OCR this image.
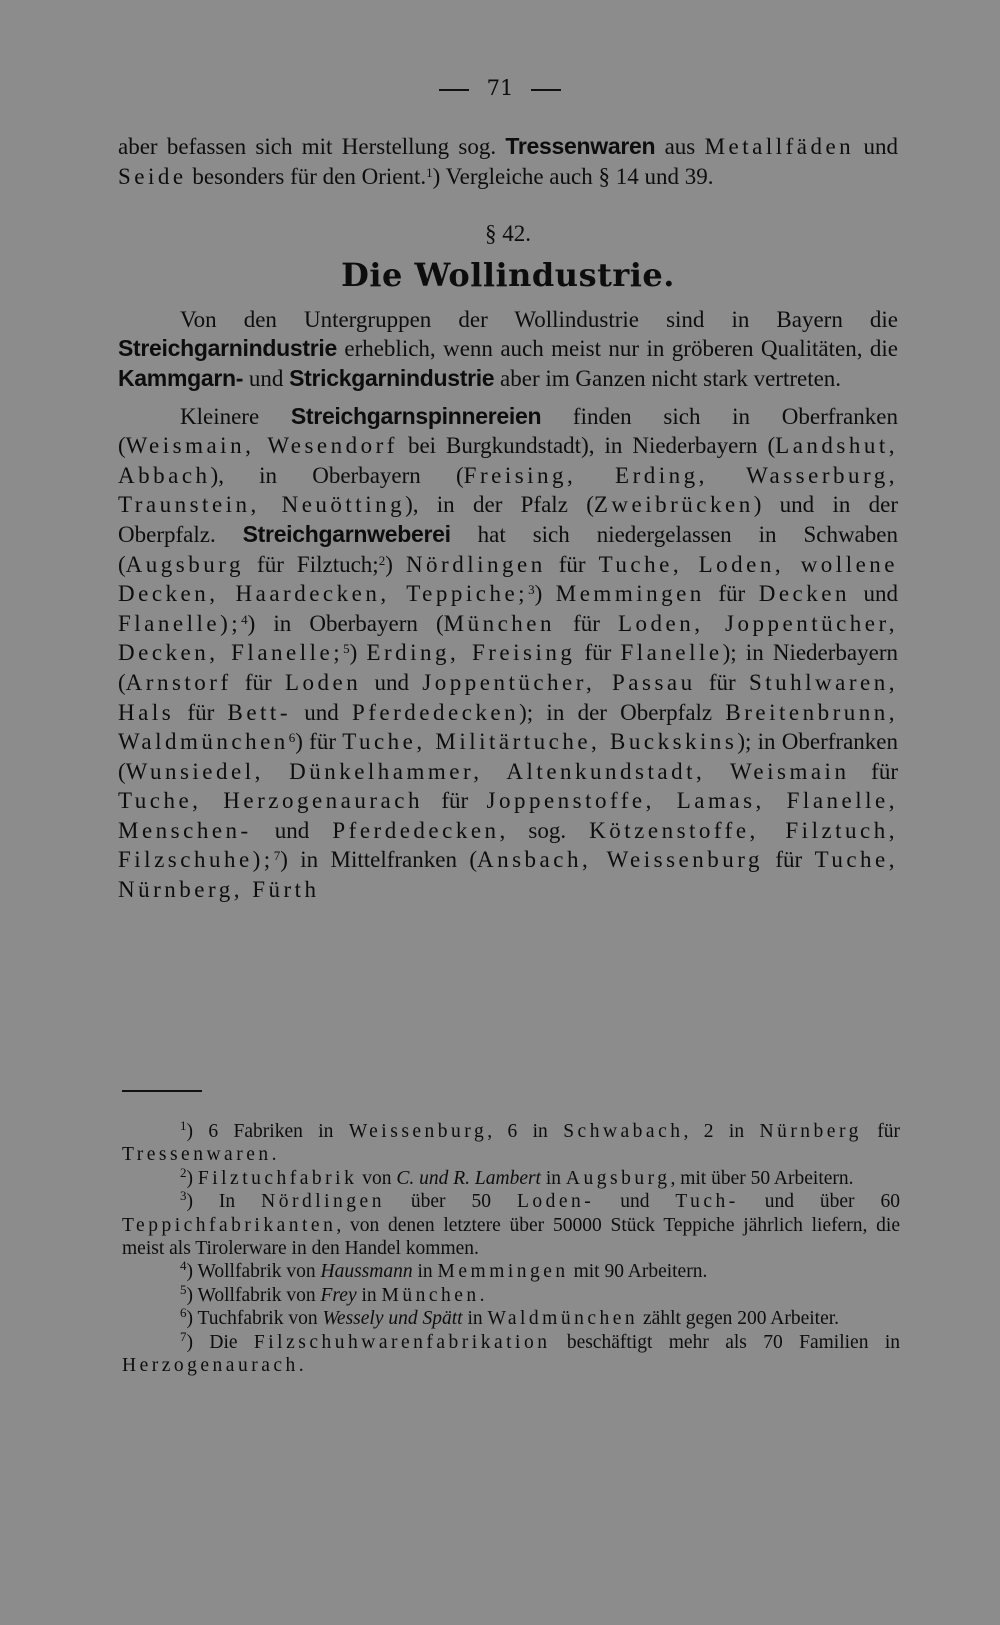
71

aber befassen sich mit Herstellung sog. Tressenwaren aus Metallfäden und Seide besonders für den Orient.$^1$) Vergleiche auch § 14 und 39.

§ 42.
Die Wollindustrie.

Von den Untergruppen der Wollindustrie sind in Bayern die Streichgarnindustrie erheblich, wenn auch meist nur in gröberen Qualitäten, die Kammgarn- und Strickgarnindustrie aber im Ganzen nicht stark vertreten.

Kleinere Streichgarnspinnereien finden sich in Oberfranken (Weismain, Wesendorf bei Burgkundstadt), in Niederbayern (Landshut, Abbach), in Oberbayern (Freising, Erding, Wasserburg, Traunstein, Neuötting), in der Pfalz (Zweibrücken) und in der Oberpfalz. Streichgarnweberei hat sich niedergelassen in Schwaben (Augsburg für Filztuch;$^2$) Nördlingen für Tuche, Loden, wollene Decken, Haardecken, Teppiche;$^3$) Memmingen für Decken und Flanelle);$^4$) in Oberbayern (München für Loden, Joppentücher, Decken, Flanelle;$^5$) Erding, Freising für Flanelle); in Niederbayern (Arnstorf für Loden und Joppentücher, Passau für Stuhlwaren, Hals für Bett- und Pferdedecken); in der Oberpfalz Breitenbrunn, Waldmünchen$^6$) für Tuche, Militärtuche, Buckskins); in Oberfranken (Wunsiedel, Dünkelhammer, Altenkundstadt, Weismain für Tuche, Herzogenaurach für Joppenstoffe, Lamas, Flanelle, Menschen- und Pferdedecken, sog. Kötzenstoffe, Filztuch, Filzschuhe);$^7$) in Mittelfranken (Ansbach, Weissenburg für Tuche, Nürnberg, Fürth

$^1$) 6 Fabriken in Weissenburg, 6 in Schwabach, 2 in Nürnberg für Tressenwaren.

$^2$) Filztuchfabrik von C. und R. Lambert in Augsburg, mit über 50 Arbeitern.

$^3$) In Nördlingen über 50 Loden- und Tuch- und über 60 Teppichfabrikanten, von denen letztere über 50000 Stück Teppiche jährlich liefern, die meist als Tirolerware in den Handel kommen.

$^4$) Wollfabrik von Haussmann in Memmingen mit 90 Arbeitern.

$^5$) Wollfabrik von Frey in München.

$^6$) Tuchfabrik von Wessely und Spätt in Waldmünchen zählt gegen 200 Arbeiter.

$^7$) Die Filzschuhwarenfabrikation beschäftigt mehr als 70 Familien in Herzogenaurach.
